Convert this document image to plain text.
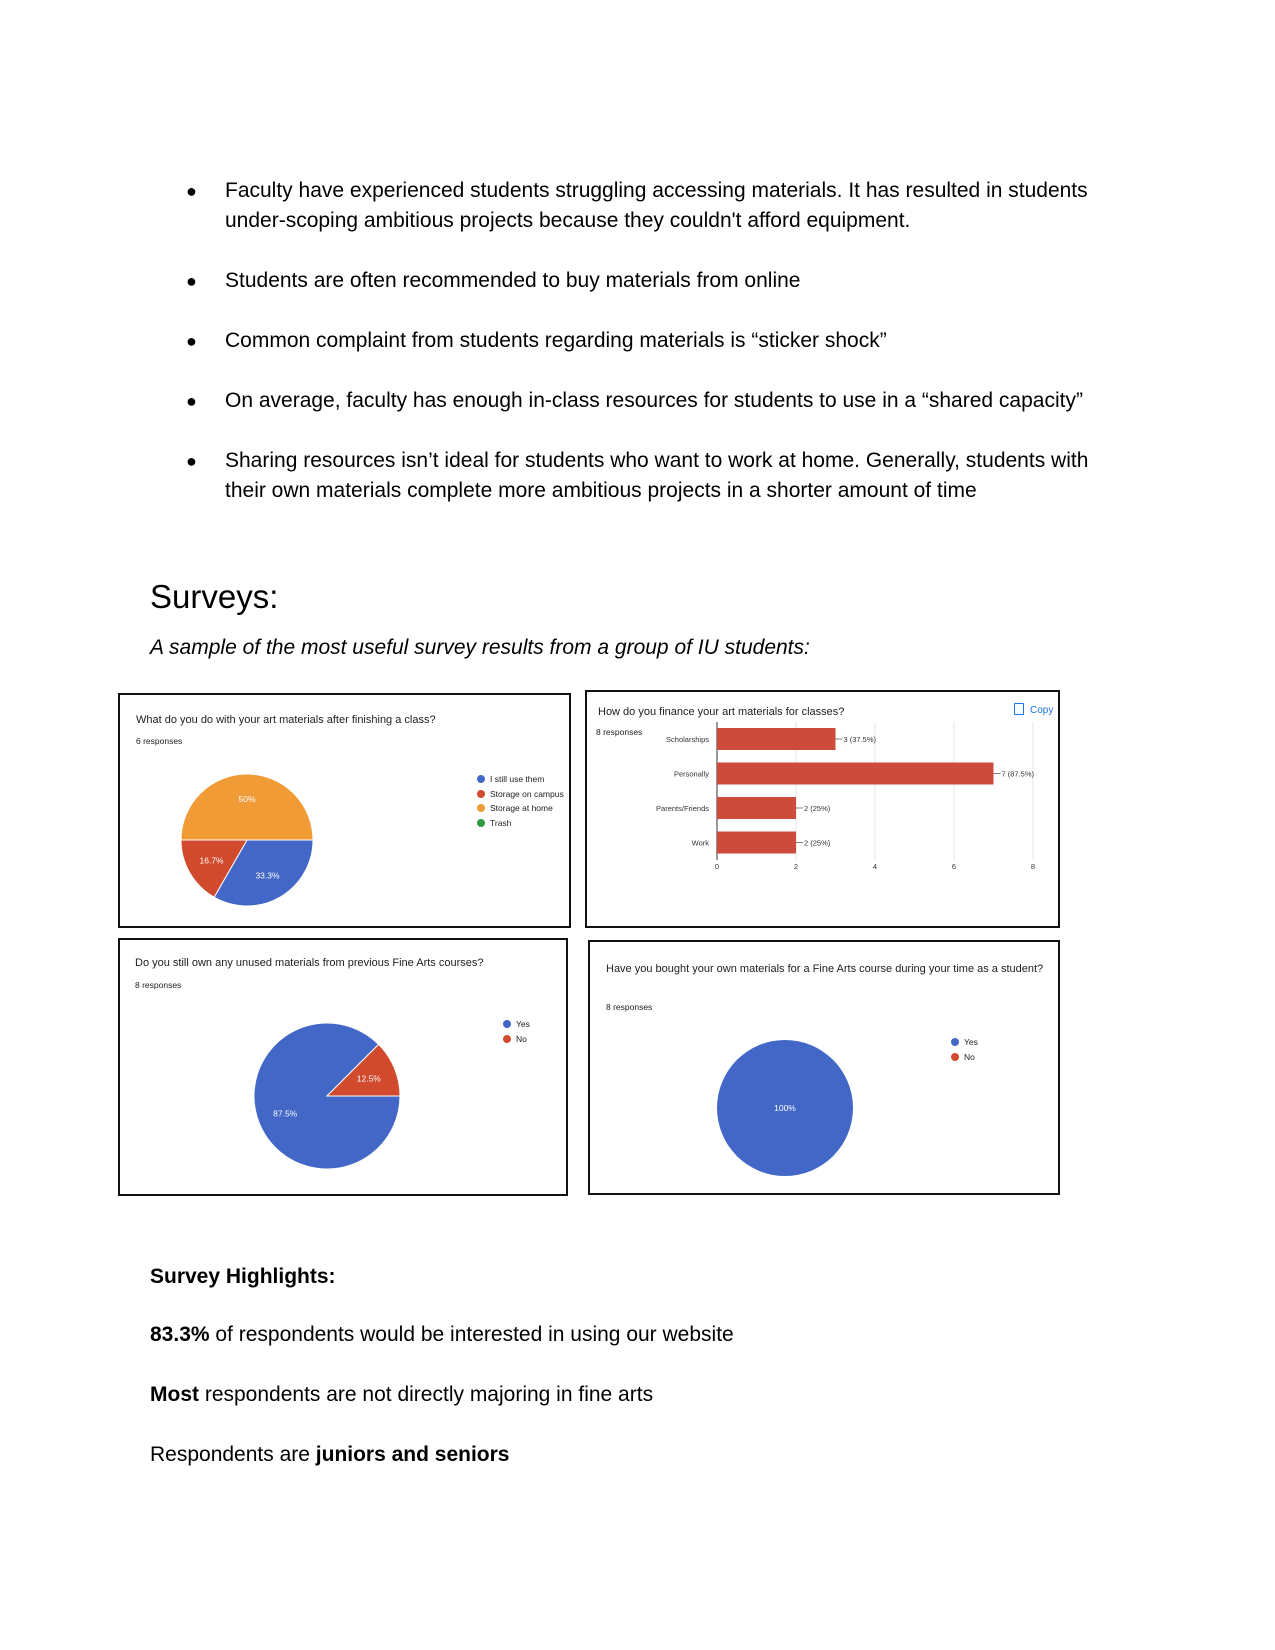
● Faculty have experienced students struggling accessing materials. It has resulted in students under-scoping ambitious projects because they couldn't afford equipment.
● Students are often recommended to buy materials from online
● Common complaint from students regarding materials is “sticker shock”
● On average, faculty has enough in-class resources for students to use in a “shared capacity”
● Sharing resources isn’t ideal for students who want to work at home. Generally, students with their own materials complete more ambitious projects in a shorter amount of time
Surveys:

A sample of the most useful survey results from a group of IU students:

What do you do with your art materials after finishing a class?
6 responses
33.3%
16.7%
50%
I still use them
Storage on campus
Storage at home
Trash
How do you finance your art materials for classes?
8 responses
Copy
0	2	4	6	8
Scholarships	3 (37.5%)
Personally	7 (87.5%)
Parents/Friends	2 (25%)
Work	2 (25%)
Do you still own any unused materials from previous Fine Arts courses?
8 responses
87.5%
12.5%
Yes
No
Have you bought your own materials for a Fine Arts course during your time as a student?
8 responses
100%
Yes
No
Survey Highlights:

83.3% of respondents would be interested in using our website

Most respondents are not directly majoring in fine arts

Respondents are juniors and seniors
